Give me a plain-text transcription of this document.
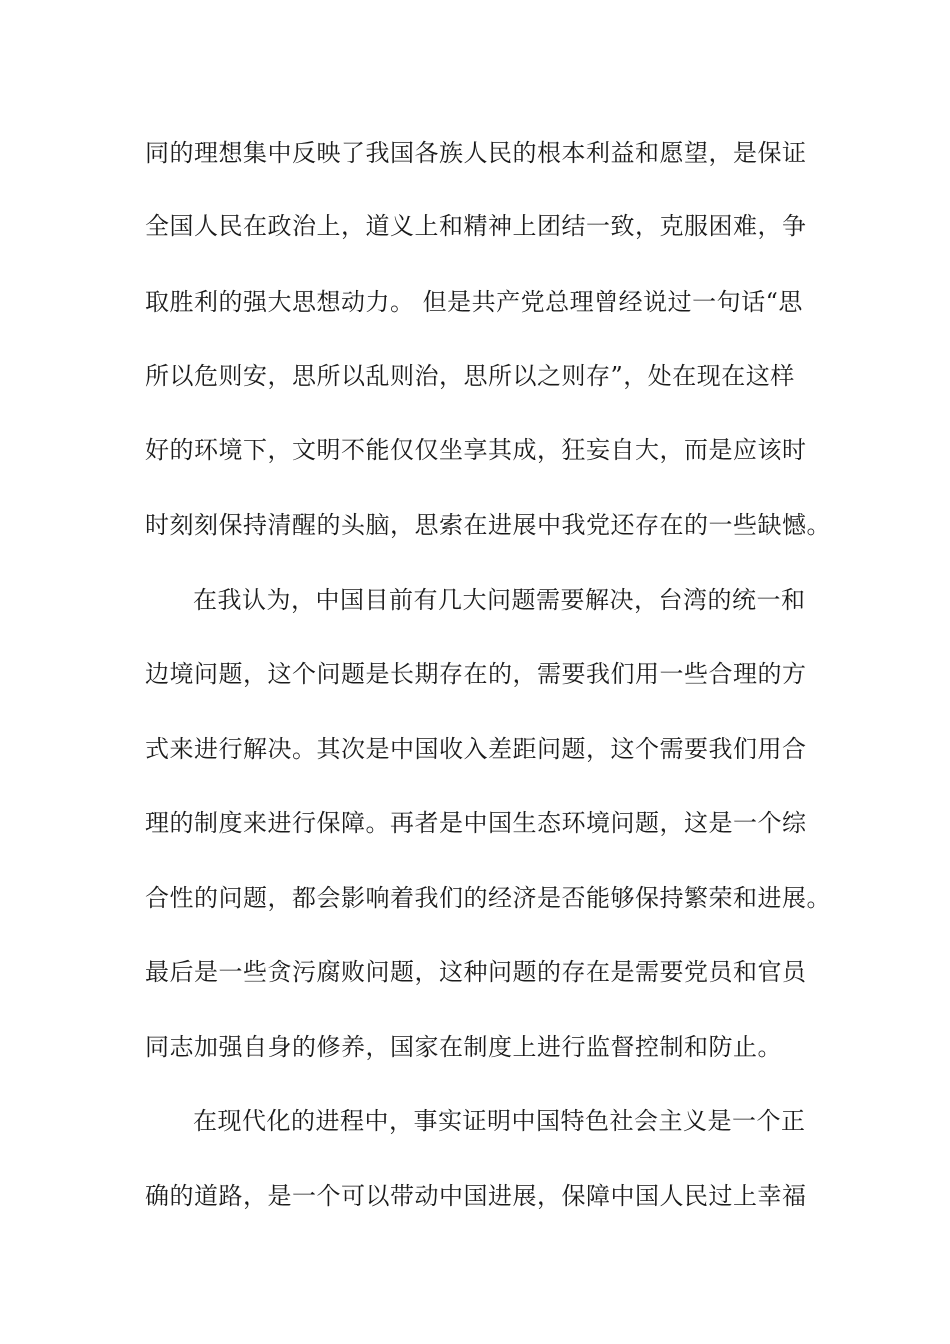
同的理想集中反映了我国各族人民的根本利益和愿望，是保证

全国人民在政治上，道义上和精神上团结一致，克服困难，争

取胜利的强大思想动力。 但是共产党总理曾经说过一句话“思

所以危则安，思所以乱则治，思所以之则存”，处在现在这样

好的环境下，文明不能仅仅坐享其成，狂妄自大，而是应该时

时刻刻保持清醒的头脑，思索在进展中我党还存在的一些缺憾。

在我认为，中国目前有几大问题需要解决，台湾的统一和

边境问题，这个问题是长期存在的，需要我们用一些合理的方

式来进行解决。其次是中国收入差距问题，这个需要我们用合

理的制度来进行保障。再者是中国生态环境问题，这是一个综

合性的问题，都会影响着我们的经济是否能够保持繁荣和进展。

最后是一些贪污腐败问题，这种问题的存在是需要党员和官员

同志加强自身的修养，国家在制度上进行监督控制和防止。

在现代化的进程中，事实证明中国特色社会主义是一个正

确的道路，是一个可以带动中国进展，保障中国人民过上幸福
